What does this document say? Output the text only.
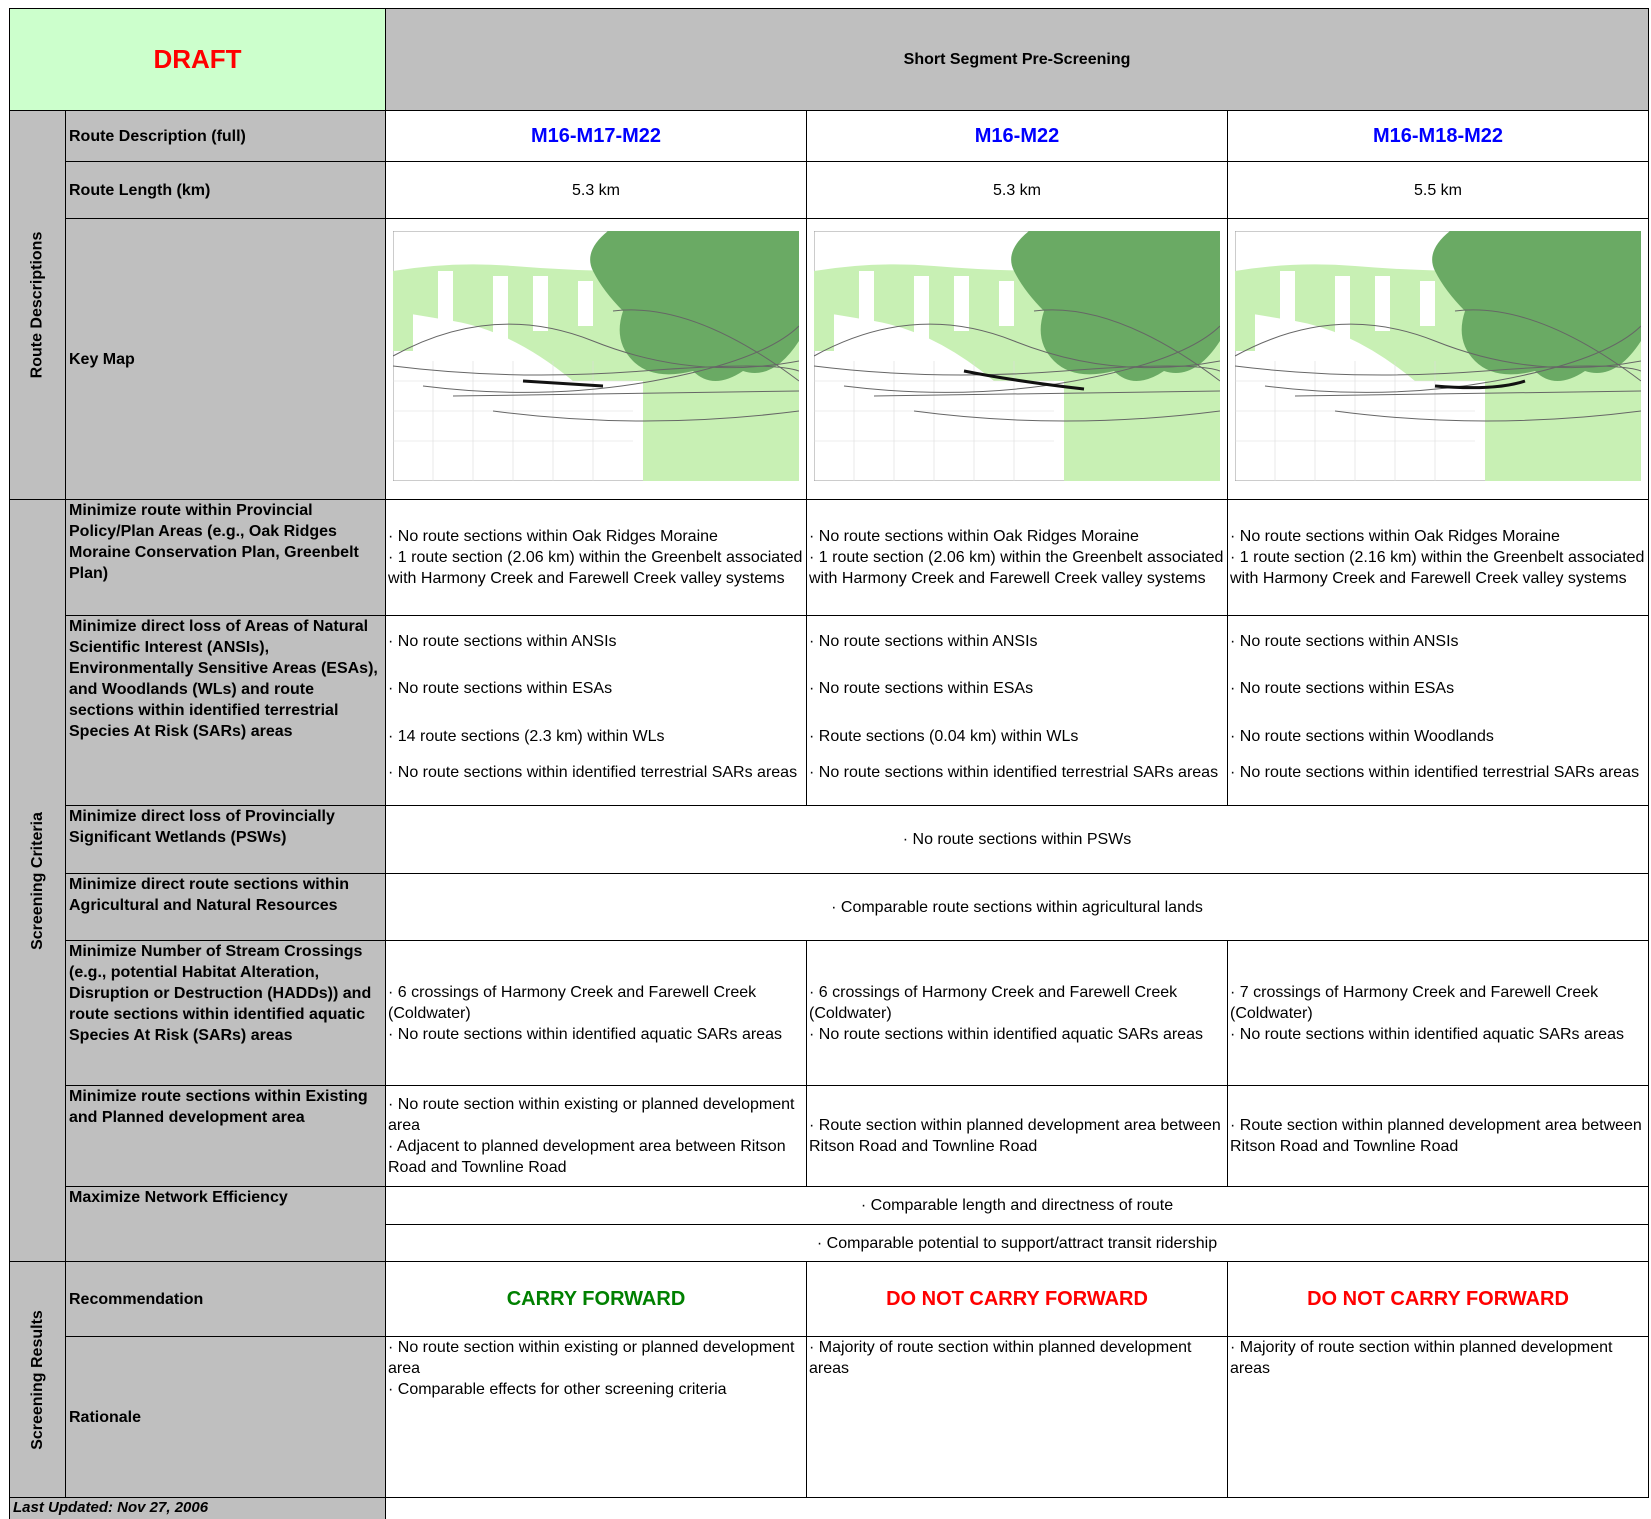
DRAFT	Short Segment Pre-Screening
Route Descriptions
Screening Criteria
Screening Results
Route Description (full)
Route Length (km)
Key Map
Minimize route within Provincial Policy/Plan Areas (e.g., Oak Ridges Moraine Conservation Plan, Greenbelt Plan)
Minimize direct loss of Areas of Natural Scientific Interest (ANSIs), Environmentally Sensitive Areas (ESAs), and Woodlands (WLs) and route sections within identified terrestrial Species At Risk (SARs) areas
Minimize direct loss of Provincially Significant Wetlands (PSWs)
Minimize direct route sections within Agricultural and Natural Resources
Minimize Number of Stream Crossings (e.g., potential Habitat Alteration, Disruption or Destruction (HADDs)) and route sections within identified aquatic Species At Risk (SARs) areas
Minimize route sections within Existing and Planned development area
Maximize Network Efficiency
Recommendation
Rationale
M16-M17-M22
5.3 km
· No route sections within Oak Ridges Moraine
· 1 route section (2.06 km) within the Greenbelt associated with Harmony Creek and Farewell Creek valley systems
· No route sections within ANSIs
· No route sections within ESAs
· 14 route sections (2.3 km) within WLs
· No route sections within identified terrestrial SARs areas
· 6 crossings of Harmony Creek and Farewell Creek (Coldwater)
· No route sections within identified aquatic SARs areas
· No route section within existing or planned development area
· Adjacent to planned development area between Ritson Road and Townline Road
CARRY FORWARD
· No route section within existing or planned development area
· Comparable effects for other screening criteria
M16-M22
5.3 km
· No route sections within Oak Ridges Moraine
· 1 route section (2.06 km) within the Greenbelt associated with Harmony Creek and Farewell Creek valley systems
· No route sections within ANSIs
· No route sections within ESAs
· Route sections (0.04 km) within WLs
· No route sections within identified terrestrial SARs areas
· 6 crossings of Harmony Creek and Farewell Creek (Coldwater)
· No route sections within identified aquatic SARs areas
· Route section within planned development area between Ritson Road and Townline Road
DO NOT CARRY FORWARD
· Majority of route section within planned development areas
M16-M18-M22
5.5 km
· No route sections within Oak Ridges Moraine
· 1 route section (2.16 km) within the Greenbelt associated with Harmony Creek and Farewell Creek valley systems
· No route sections within ANSIs
· No route sections within ESAs
· No route sections within Woodlands
· No route sections within identified terrestrial SARs areas
· 7 crossings of Harmony Creek and Farewell Creek (Coldwater)
· No route sections within identified aquatic SARs areas
· Route section within planned development area between Ritson Road and Townline Road
DO NOT CARRY FORWARD
· Majority of route section within planned development areas
· No route sections within PSWs
· Comparable route sections within agricultural lands
· Comparable length and directness of route
· Comparable potential to support/attract transit ridership
Last Updated: Nov 27, 2006
